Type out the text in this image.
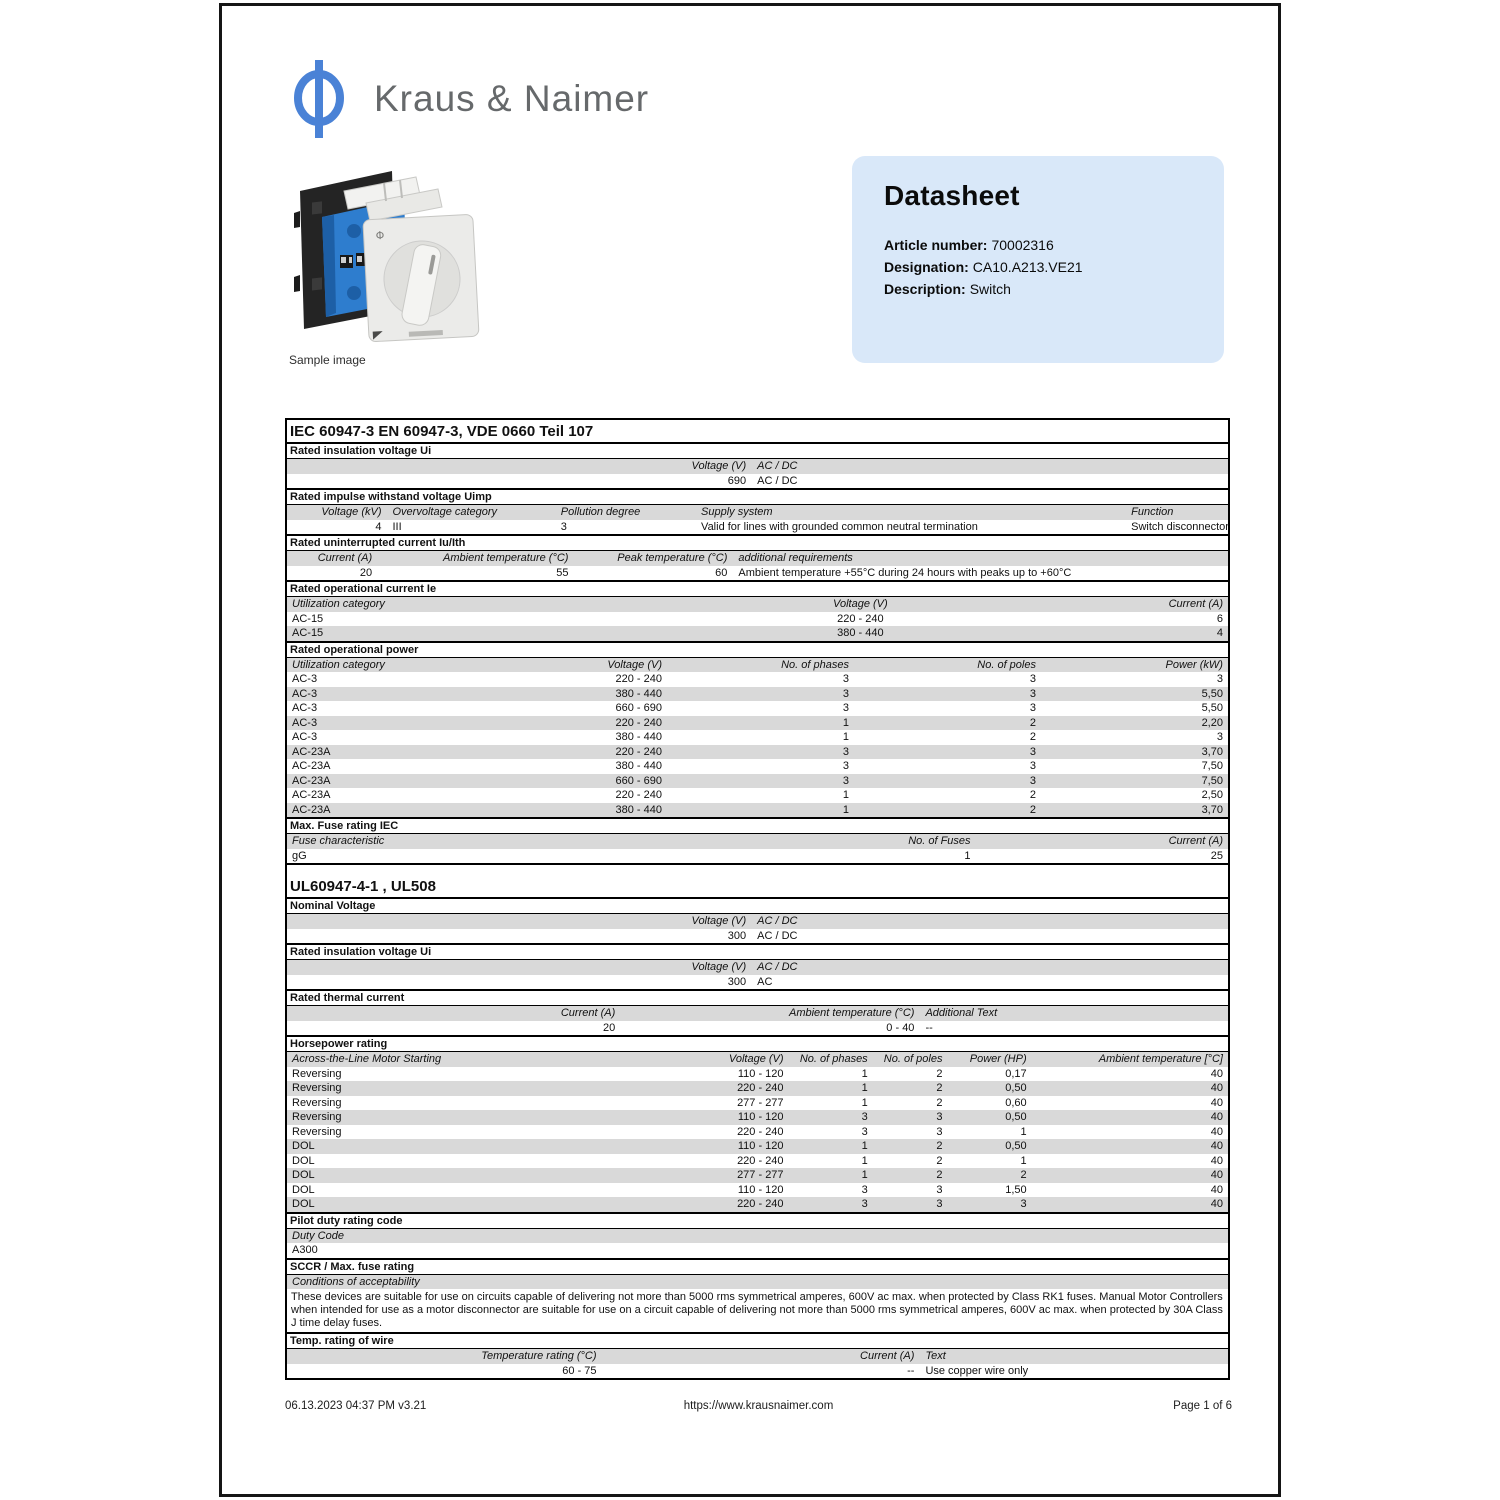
Kraus & Naimer
Φ
Sample image
Datasheet
Article number: 70002316
Designation: CA10.A213.VE21
Description: Switch
IEC 60947-3 EN 60947-3, VDE 0660 Teil 107
Rated insulation voltage Ui
Voltage (V)	AC / DC
690	AC / DC
Rated impulse withstand voltage Uimp
Voltage (kV)	Overvoltage category	Pollution degree	Supply system	Function
4	III	3	Valid for lines with grounded common neutral termination	Switch disconnector
Rated uninterrupted current Iu/Ith
Current (A)	Ambient temperature (°C)	Peak temperature (°C)	additional requirements
20	55	60	Ambient temperature +55°C during 24 hours with peaks up to +60°C
Rated operational current Ie
Utilization category	Voltage (V)	Current (A)
AC-15	220 - 240	6
AC-15	380 - 440	4
Rated operational power
Utilization category	Voltage (V)	No. of phases	No. of poles	Power (kW)
AC-3	220 - 240	3	3	3
AC-3	380 - 440	3	3	5,50
AC-3	660 - 690	3	3	5,50
AC-3	220 - 240	1	2	2,20
AC-3	380 - 440	1	2	3
AC-23A	220 - 240	3	3	3,70
AC-23A	380 - 440	3	3	7,50
AC-23A	660 - 690	3	3	7,50
AC-23A	220 - 240	1	2	2,50
AC-23A	380 - 440	1	2	3,70
Max. Fuse rating IEC
Fuse characteristic	No. of Fuses	Current (A)
gG	1	25
UL60947-4-1 , UL508
Nominal Voltage
Voltage (V)	AC / DC
300	AC / DC
Rated insulation voltage Ui
Voltage (V)	AC / DC
300	AC
Rated thermal current
Current (A)	Ambient temperature (°C)	Additional Text
20	0 - 40	--
Horsepower rating
Across-the-Line Motor Starting	Voltage (V)	No. of phases	No. of poles	Power (HP)	Ambient temperature [°C]
Reversing	110 - 120	1	2	0,17	40
Reversing	220 - 240	1	2	0,50	40
Reversing	277 - 277	1	2	0,60	40
Reversing	110 - 120	3	3	0,50	40
Reversing	220 - 240	3	3	1	40
DOL	110 - 120	1	2	0,50	40
DOL	220 - 240	1	2	1	40
DOL	277 - 277	1	2	2	40
DOL	110 - 120	3	3	1,50	40
DOL	220 - 240	3	3	3	40
Pilot duty rating code
Duty Code
A300
SCCR / Max. fuse rating
Conditions of acceptability
These devices are suitable for use on circuits capable of delivering not more than 5000 rms symmetrical amperes, 600V ac max. when protected by Class RK1 fuses. Manual Motor Controllers when intended for use as a motor disconnector are suitable for use on a circuit capable of delivering not more than 5000 rms symmetrical amperes, 600V ac max. when protected by 30A Class J time delay fuses.
Temp. rating of wire
Temperature rating (°C)	Current (A)	Text
60 - 75	--	Use copper wire only
06.13.2023 04:37 PM v3.21	https://www.krausnaimer.com	Page 1 of 6
